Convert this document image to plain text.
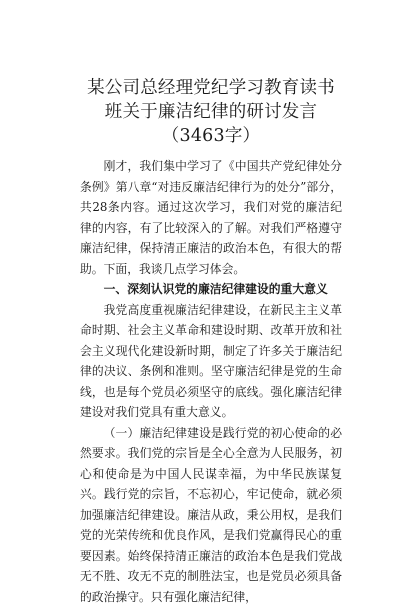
某公司总经理党纪学习教育读书班关于廉洁纪律的研讨发言（3463字）

刚才，我们集中学习了《中国共产党纪律处分条例》第八章“对违反廉洁纪律行为的处分”部分，共28条内容。通过这次学习，我们对党的廉洁纪律的内容，有了比较深入的了解。对我们严格遵守廉洁纪律，保持清正廉洁的政治本色，有很大的帮助。下面，我谈几点学习体会。

一、深刻认识党的廉洁纪律建设的重大意义

我党高度重视廉洁纪律建设，在新民主主义革命时期、社会主义革命和建设时期、改革开放和社会主义现代化建设新时期，制定了许多关于廉洁纪律的决议、条例和准则。坚守廉洁纪律是党的生命线，也是每个党员必须坚守的底线。强化廉洁纪律建设对我们党具有重大意义。

（一）廉洁纪律建设是践行党的初心使命的必然要求。我们党的宗旨是全心全意为人民服务，初心和使命是为中国人民谋幸福，为中华民族谋复兴。践行党的宗旨，不忘初心，牢记使命，就必须加强廉洁纪律建设。廉洁从政，秉公用权，是我们党的光荣传统和优良作风，是我们党赢得民心的重要因素。始终保持清正廉洁的政治本色是我们党战无不胜、攻无不克的制胜法宝，也是党员必须具备的政治操守。只有强化廉洁纪律，
